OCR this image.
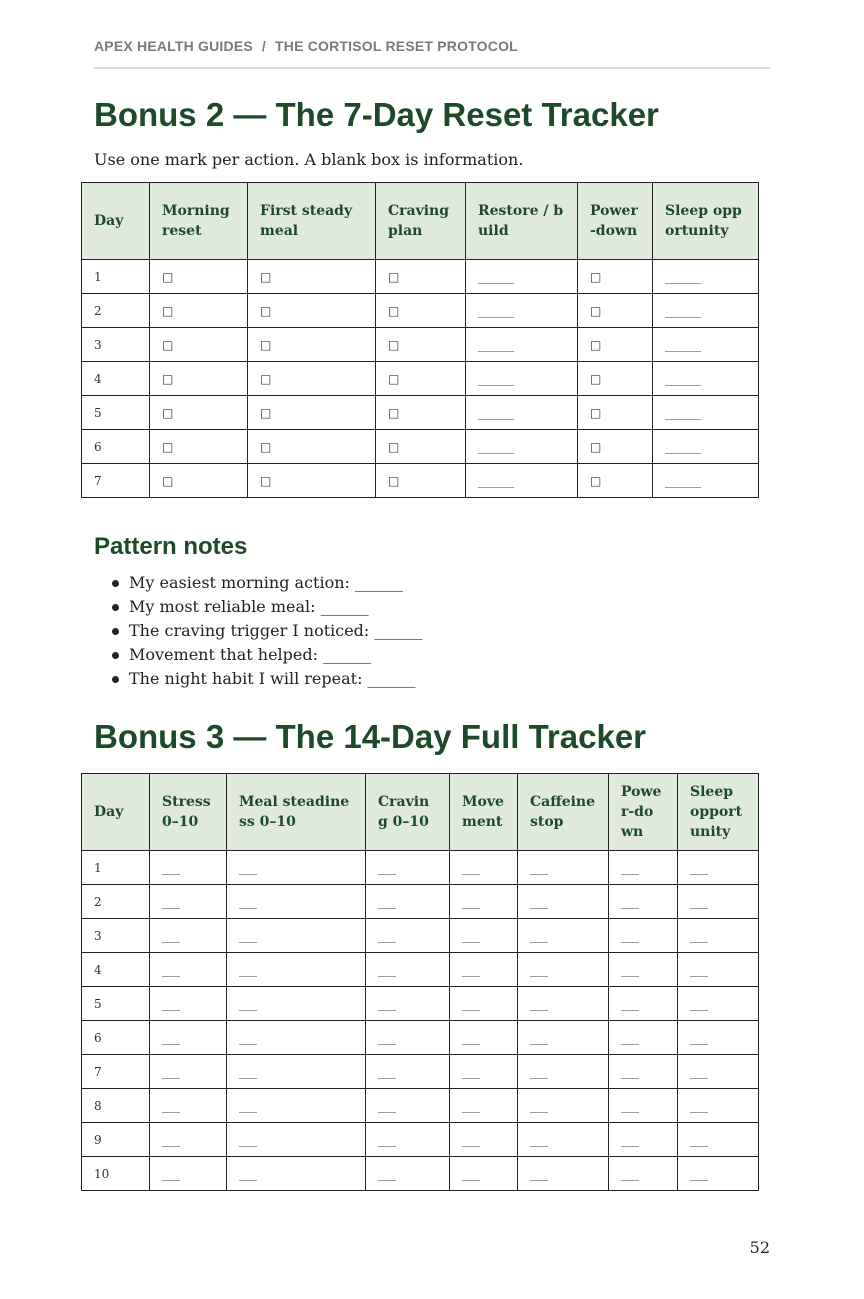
APEX HEALTH GUIDES / THE CORTISOL RESET PROTOCOL
Bonus 2 — The 7-Day Reset Tracker

Use one mark per action. A blank box is information.

Day	Morning reset	First steady meal	Craving plan	Restore / build	Power-down	Sleep opportunity
1	□	□	□	______	□	______
2	□	□	□	______	□	______
3	□	□	□	______	□	______
4	□	□	□	______	□	______
5	□	□	□	______	□	______
6	□	□	□	______	□	______
7	□	□	□	______	□	______
Pattern notes
My easiest morning action: ______
My most reliable meal: ______
The craving trigger I noticed: ______
Movement that helped: ______
The night habit I will repeat: ______
Bonus 3 — The 14-Day Full Tracker
Day	Stress 0–10	Meal steadiness 0–10	Craving 0–10	Movement	Caffeine stop	Power-down	Sleep opportunity
1	___	___	___	___	___	___	___
2	___	___	___	___	___	___	___
3	___	___	___	___	___	___	___
4	___	___	___	___	___	___	___
5	___	___	___	___	___	___	___
6	___	___	___	___	___	___	___
7	___	___	___	___	___	___	___
8	___	___	___	___	___	___	___
9	___	___	___	___	___	___	___
10	___	___	___	___	___	___	___
52
